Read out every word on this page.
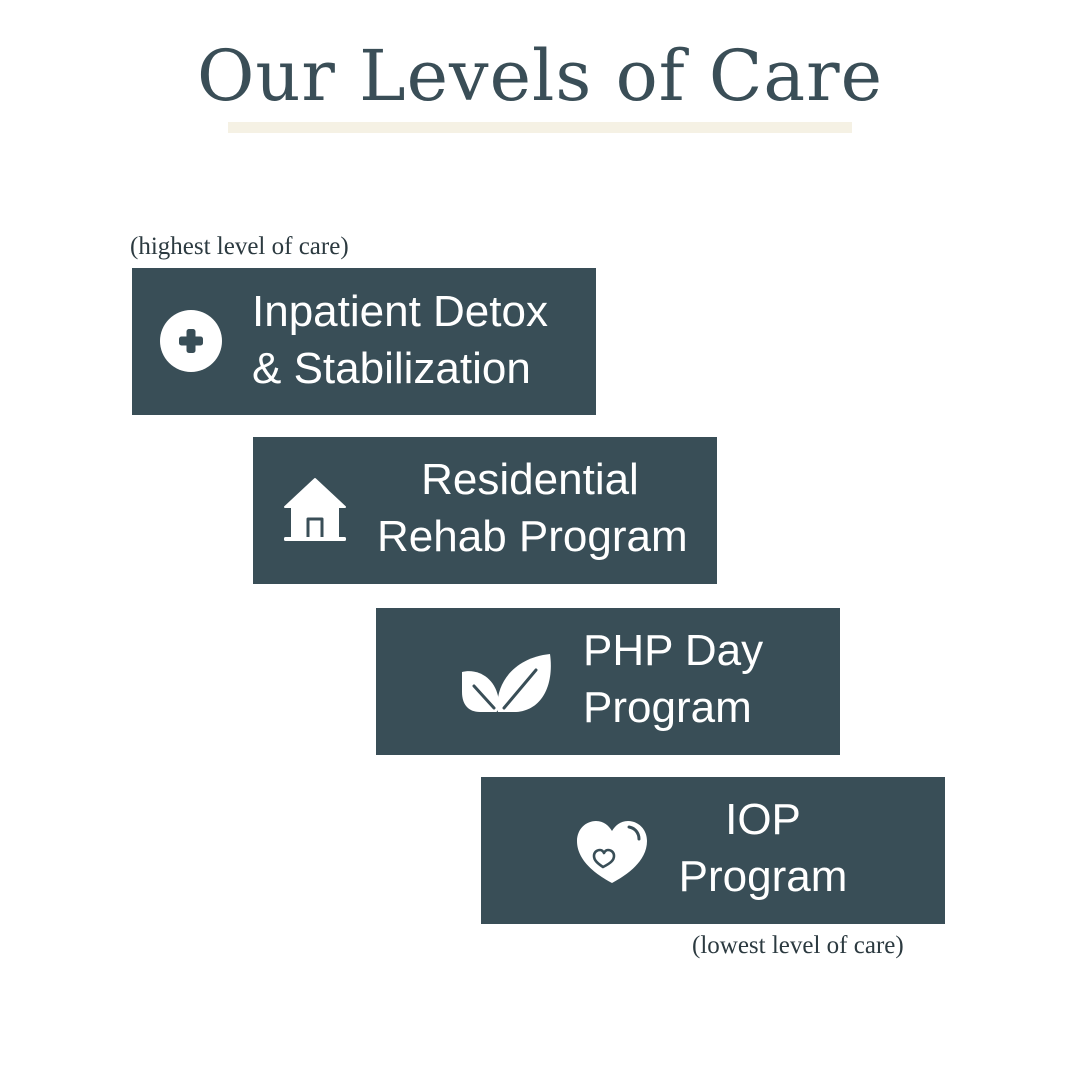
Our Levels of Care
(highest level of care)
Inpatient Detox
& Stabilization
Residential
Rehab Program
PHP Day
Program
IOP
Program
(lowest level of care)
